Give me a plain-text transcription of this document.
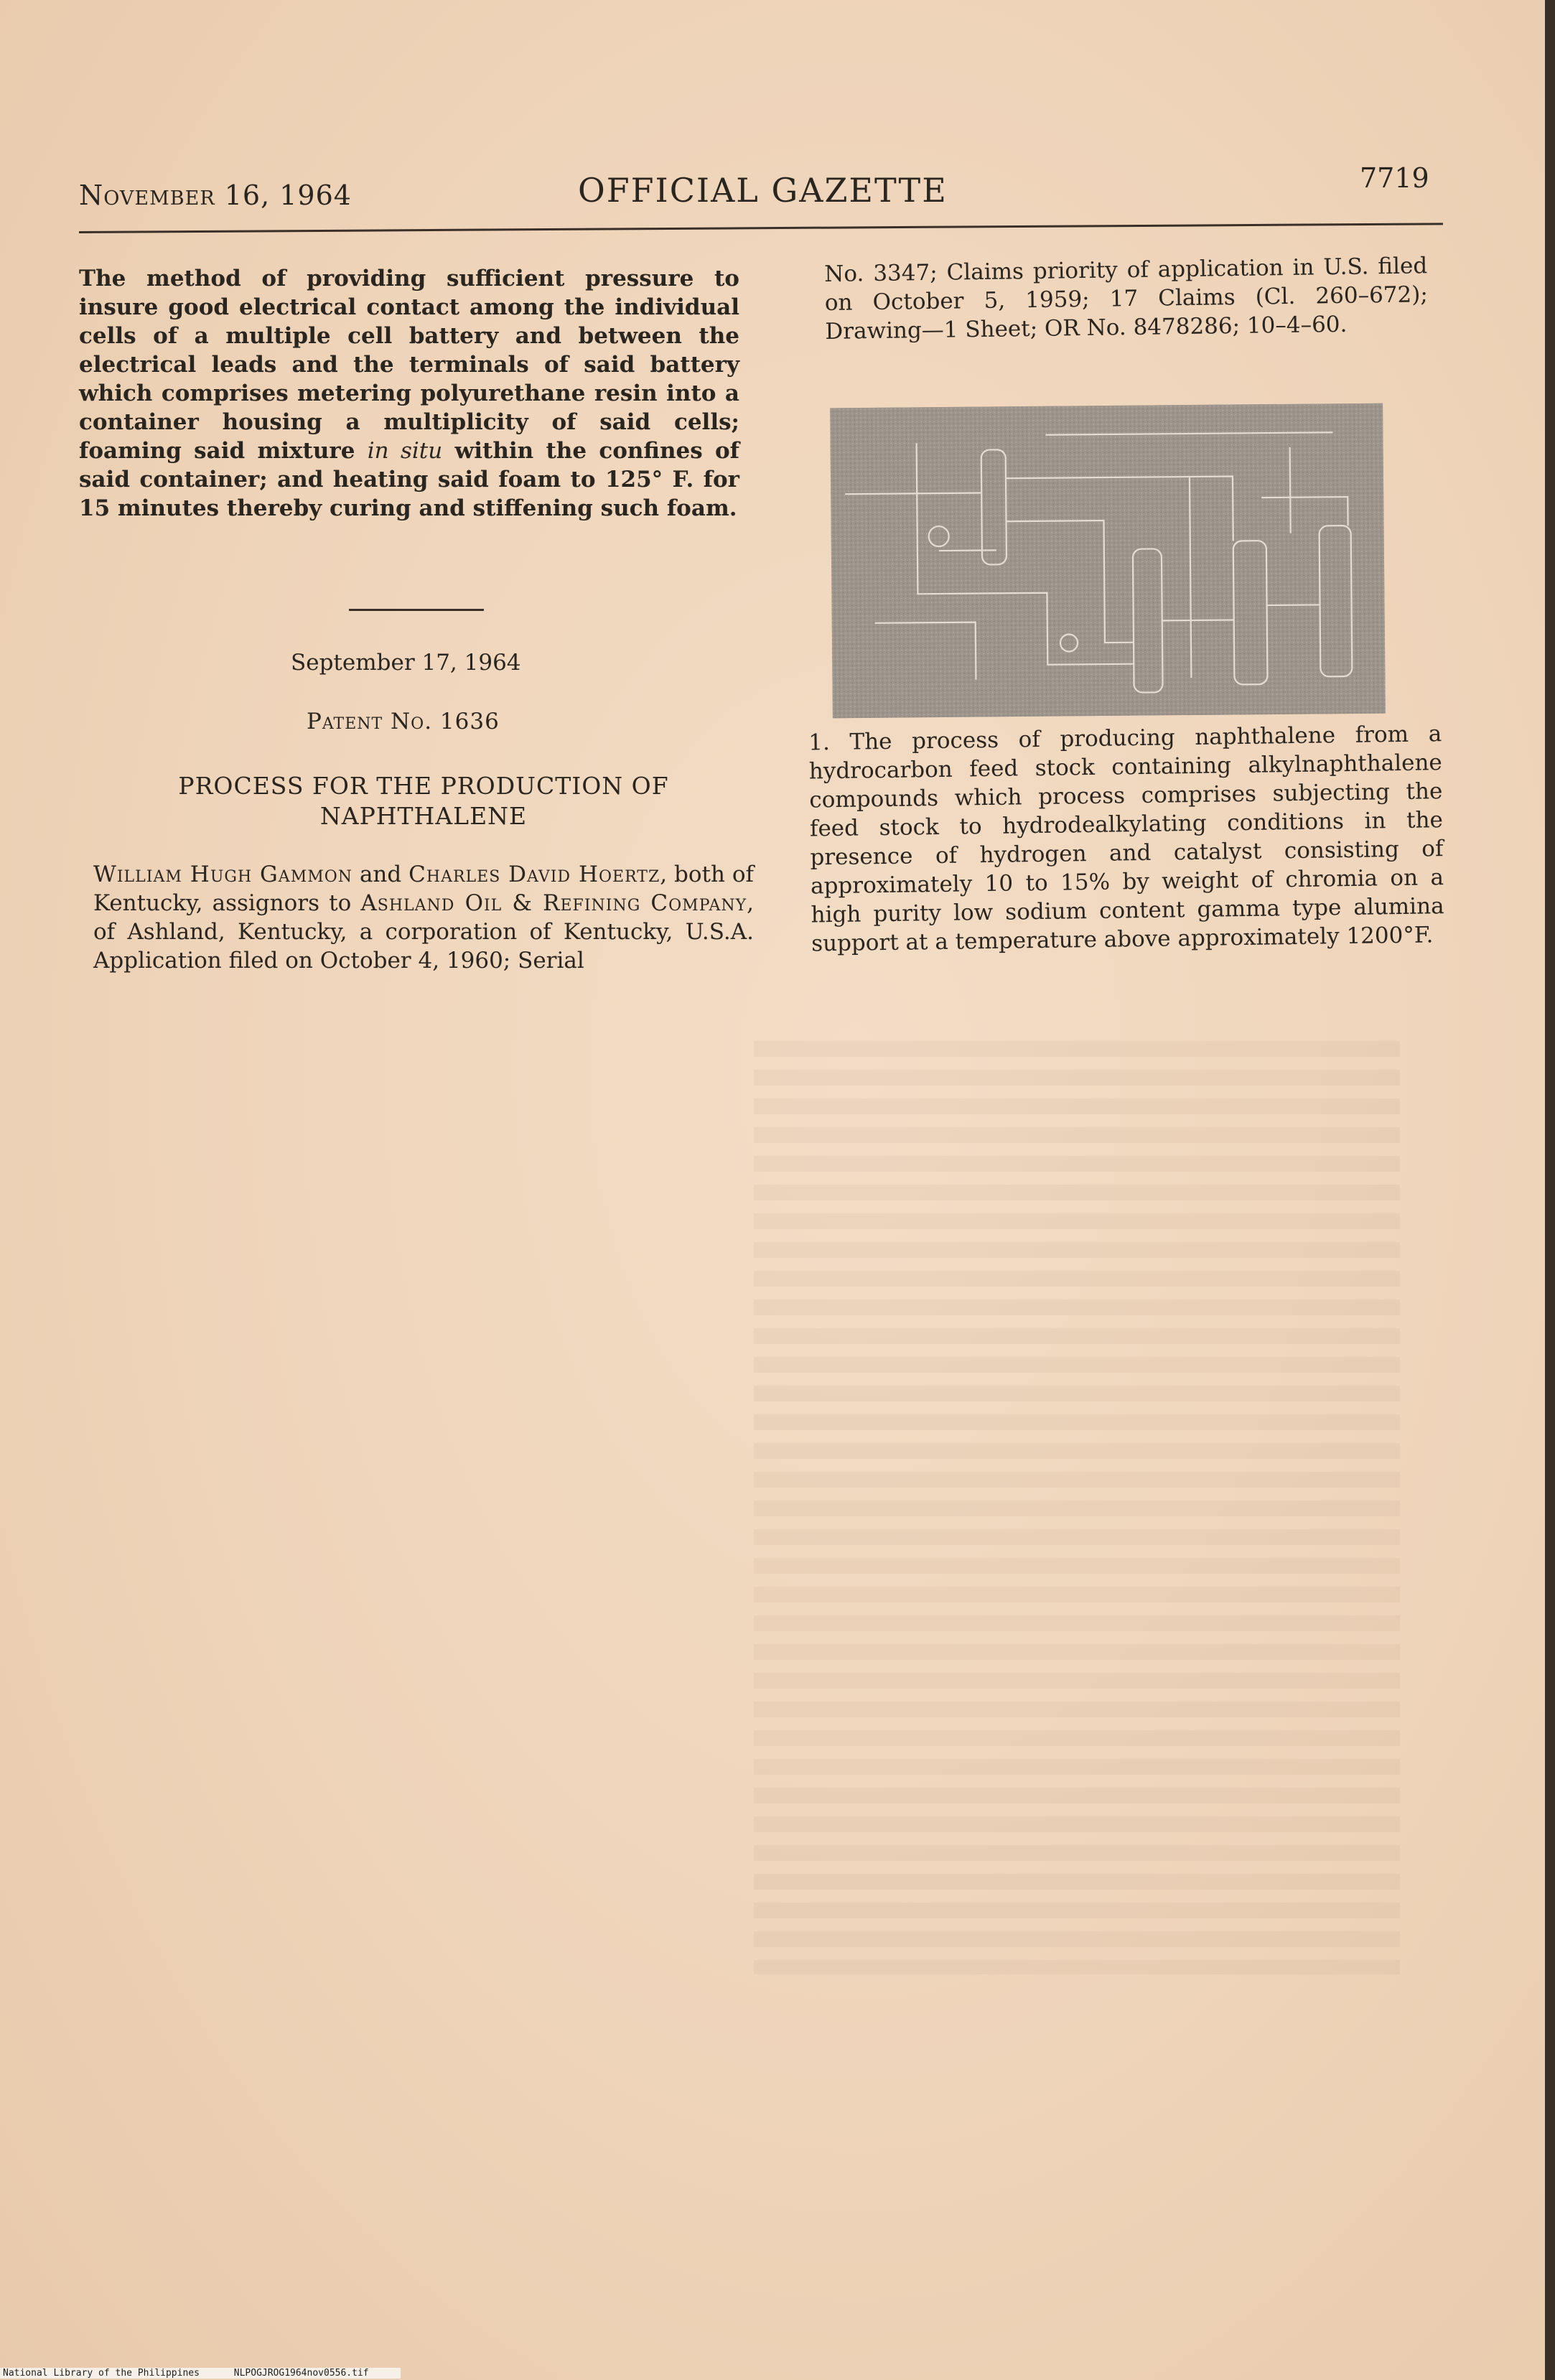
November 16, 1964	OFFICIAL GAZETTE	7719

The method of providing sufficient pressure to insure good electrical contact among the individual cells of a multiple cell battery and between the electrical leads and the terminals of said battery which comprises metering polyurethane resin into a container housing a multiplicity of said cells; foaming said mixture in situ within the confines of said container; and heating said foam to 125° F. for 15 minutes thereby curing and stiffening such foam.

September 17, 1964
Patent No. 1636
PROCESS FOR THE PRODUCTION OF
NAPHTHALENE
William Hugh Gammon and Charles David Hoertz, both of Kentucky, assignors to Ashland Oil & Refining Company, of Ashland, Kentucky, a corporation of Kentucky, U.S.A. Application filed on October 4, 1960; Serial
No. 3347; Claims priority of application in U.S. filed on October 5, 1959; 17 Claims (Cl. 260–672); Drawing—1 Sheet; OR No. 8478286; 10–4–60.

1. The process of producing naphthalene from a hydrocarbon feed stock containing alkylnaphthalene compounds which process comprises subjecting the feed stock to hydrodealkylating conditions in the presence of hydrogen and catalyst consisting of approximately 10 to 15% by weight of chromia on a high purity low sodium content gamma type alumina support at a temperature above approximately 1200°F.

National Library of the Philippines	NLPOGJROG1964nov0556.tif
